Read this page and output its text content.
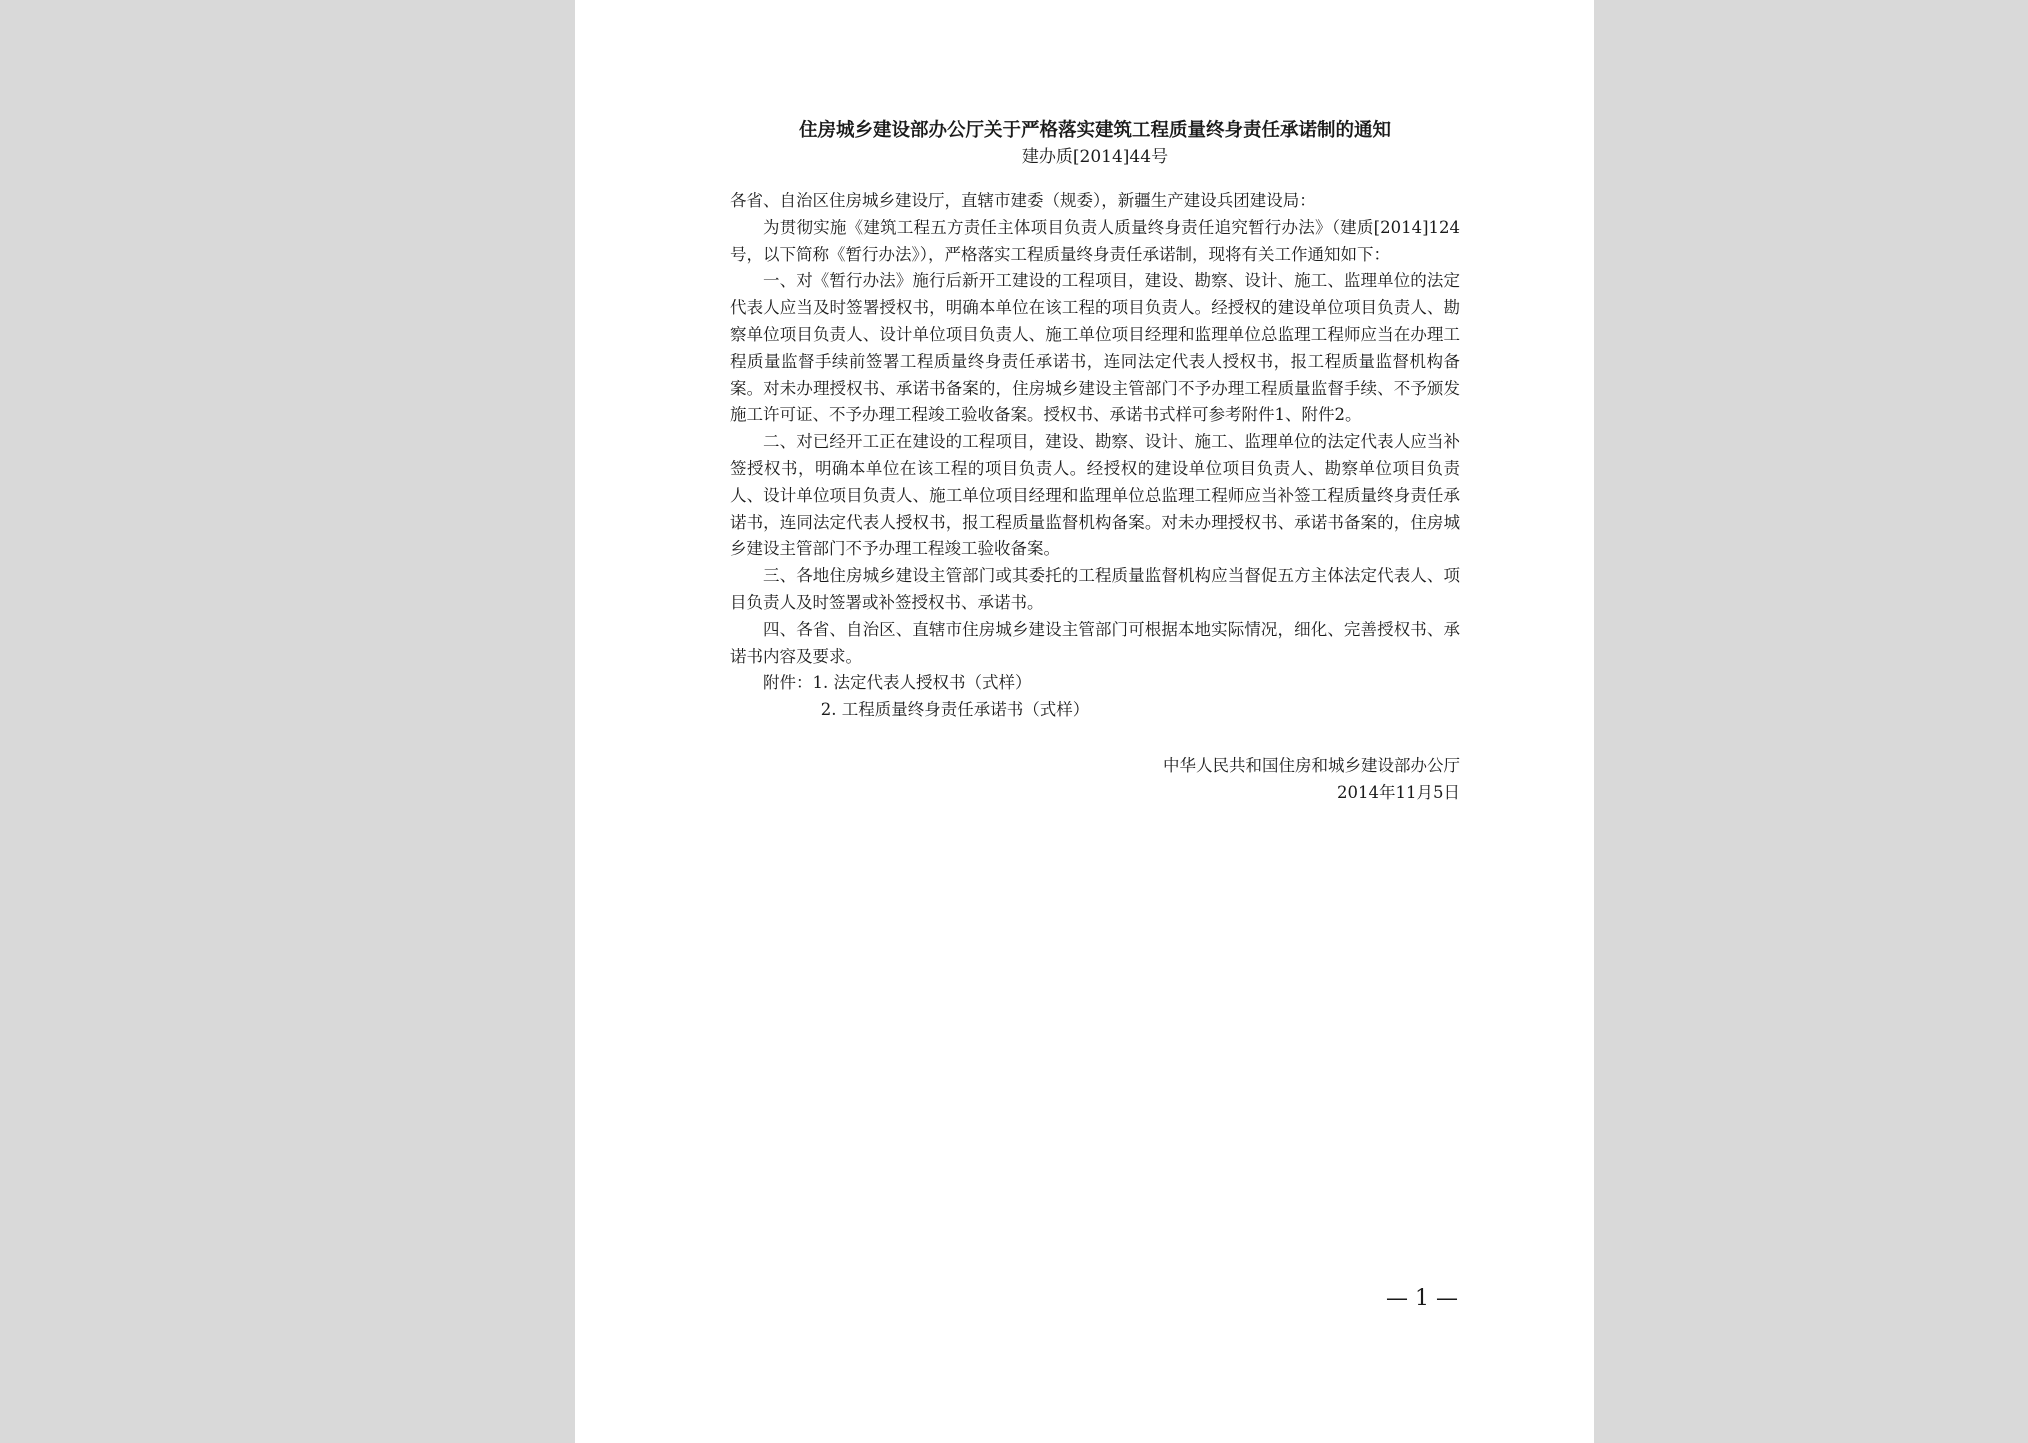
住房城乡建设部办公厅关于严格落实建筑工程质量终身责任承诺制的通知
建办质[2014]44号

各省、自治区住房城乡建设厅，直辖市建委（规委），新疆生产建设兵团建设局：

为贯彻实施《建筑工程五方责任主体项目负责人质量终身责任追究暂行办法》（建质[2014]124号，以下简称《暂行办法》），严格落实工程质量终身责任承诺制，现将有关工作通知如下：

一、对《暂行办法》施行后新开工建设的工程项目，建设、勘察、设计、施工、监理单位的法定代表人应当及时签署授权书，明确本单位在该工程的项目负责人。经授权的建设单位项目负责人、勘察单位项目负责人、设计单位项目负责人、施工单位项目经理和监理单位总监理工程师应当在办理工程质量监督手续前签署工程质量终身责任承诺书，连同法定代表人授权书，报工程质量监督机构备案。对未办理授权书、承诺书备案的，住房城乡建设主管部门不予办理工程质量监督手续、不予颁发施工许可证、不予办理工程竣工验收备案。授权书、承诺书式样可参考附件1、附件2。

二、对已经开工正在建设的工程项目，建设、勘察、设计、施工、监理单位的法定代表人应当补签授权书，明确本单位在该工程的项目负责人。经授权的建设单位项目负责人、勘察单位项目负责人、设计单位项目负责人、施工单位项目经理和监理单位总监理工程师应当补签工程质量终身责任承诺书，连同法定代表人授权书，报工程质量监督机构备案。对未办理授权书、承诺书备案的，住房城乡建设主管部门不予办理工程竣工验收备案。

三、各地住房城乡建设主管部门或其委托的工程质量监督机构应当督促五方主体法定代表人、项目负责人及时签署或补签授权书、承诺书。

四、各省、自治区、直辖市住房城乡建设主管部门可根据本地实际情况，细化、完善授权书、承诺书内容及要求。

附件：1. 法定代表人授权书（式样）

2. 工程质量终身责任承诺书（式样）

中华人民共和国住房和城乡建设部办公厅
2014年11月5日
— 1 —
